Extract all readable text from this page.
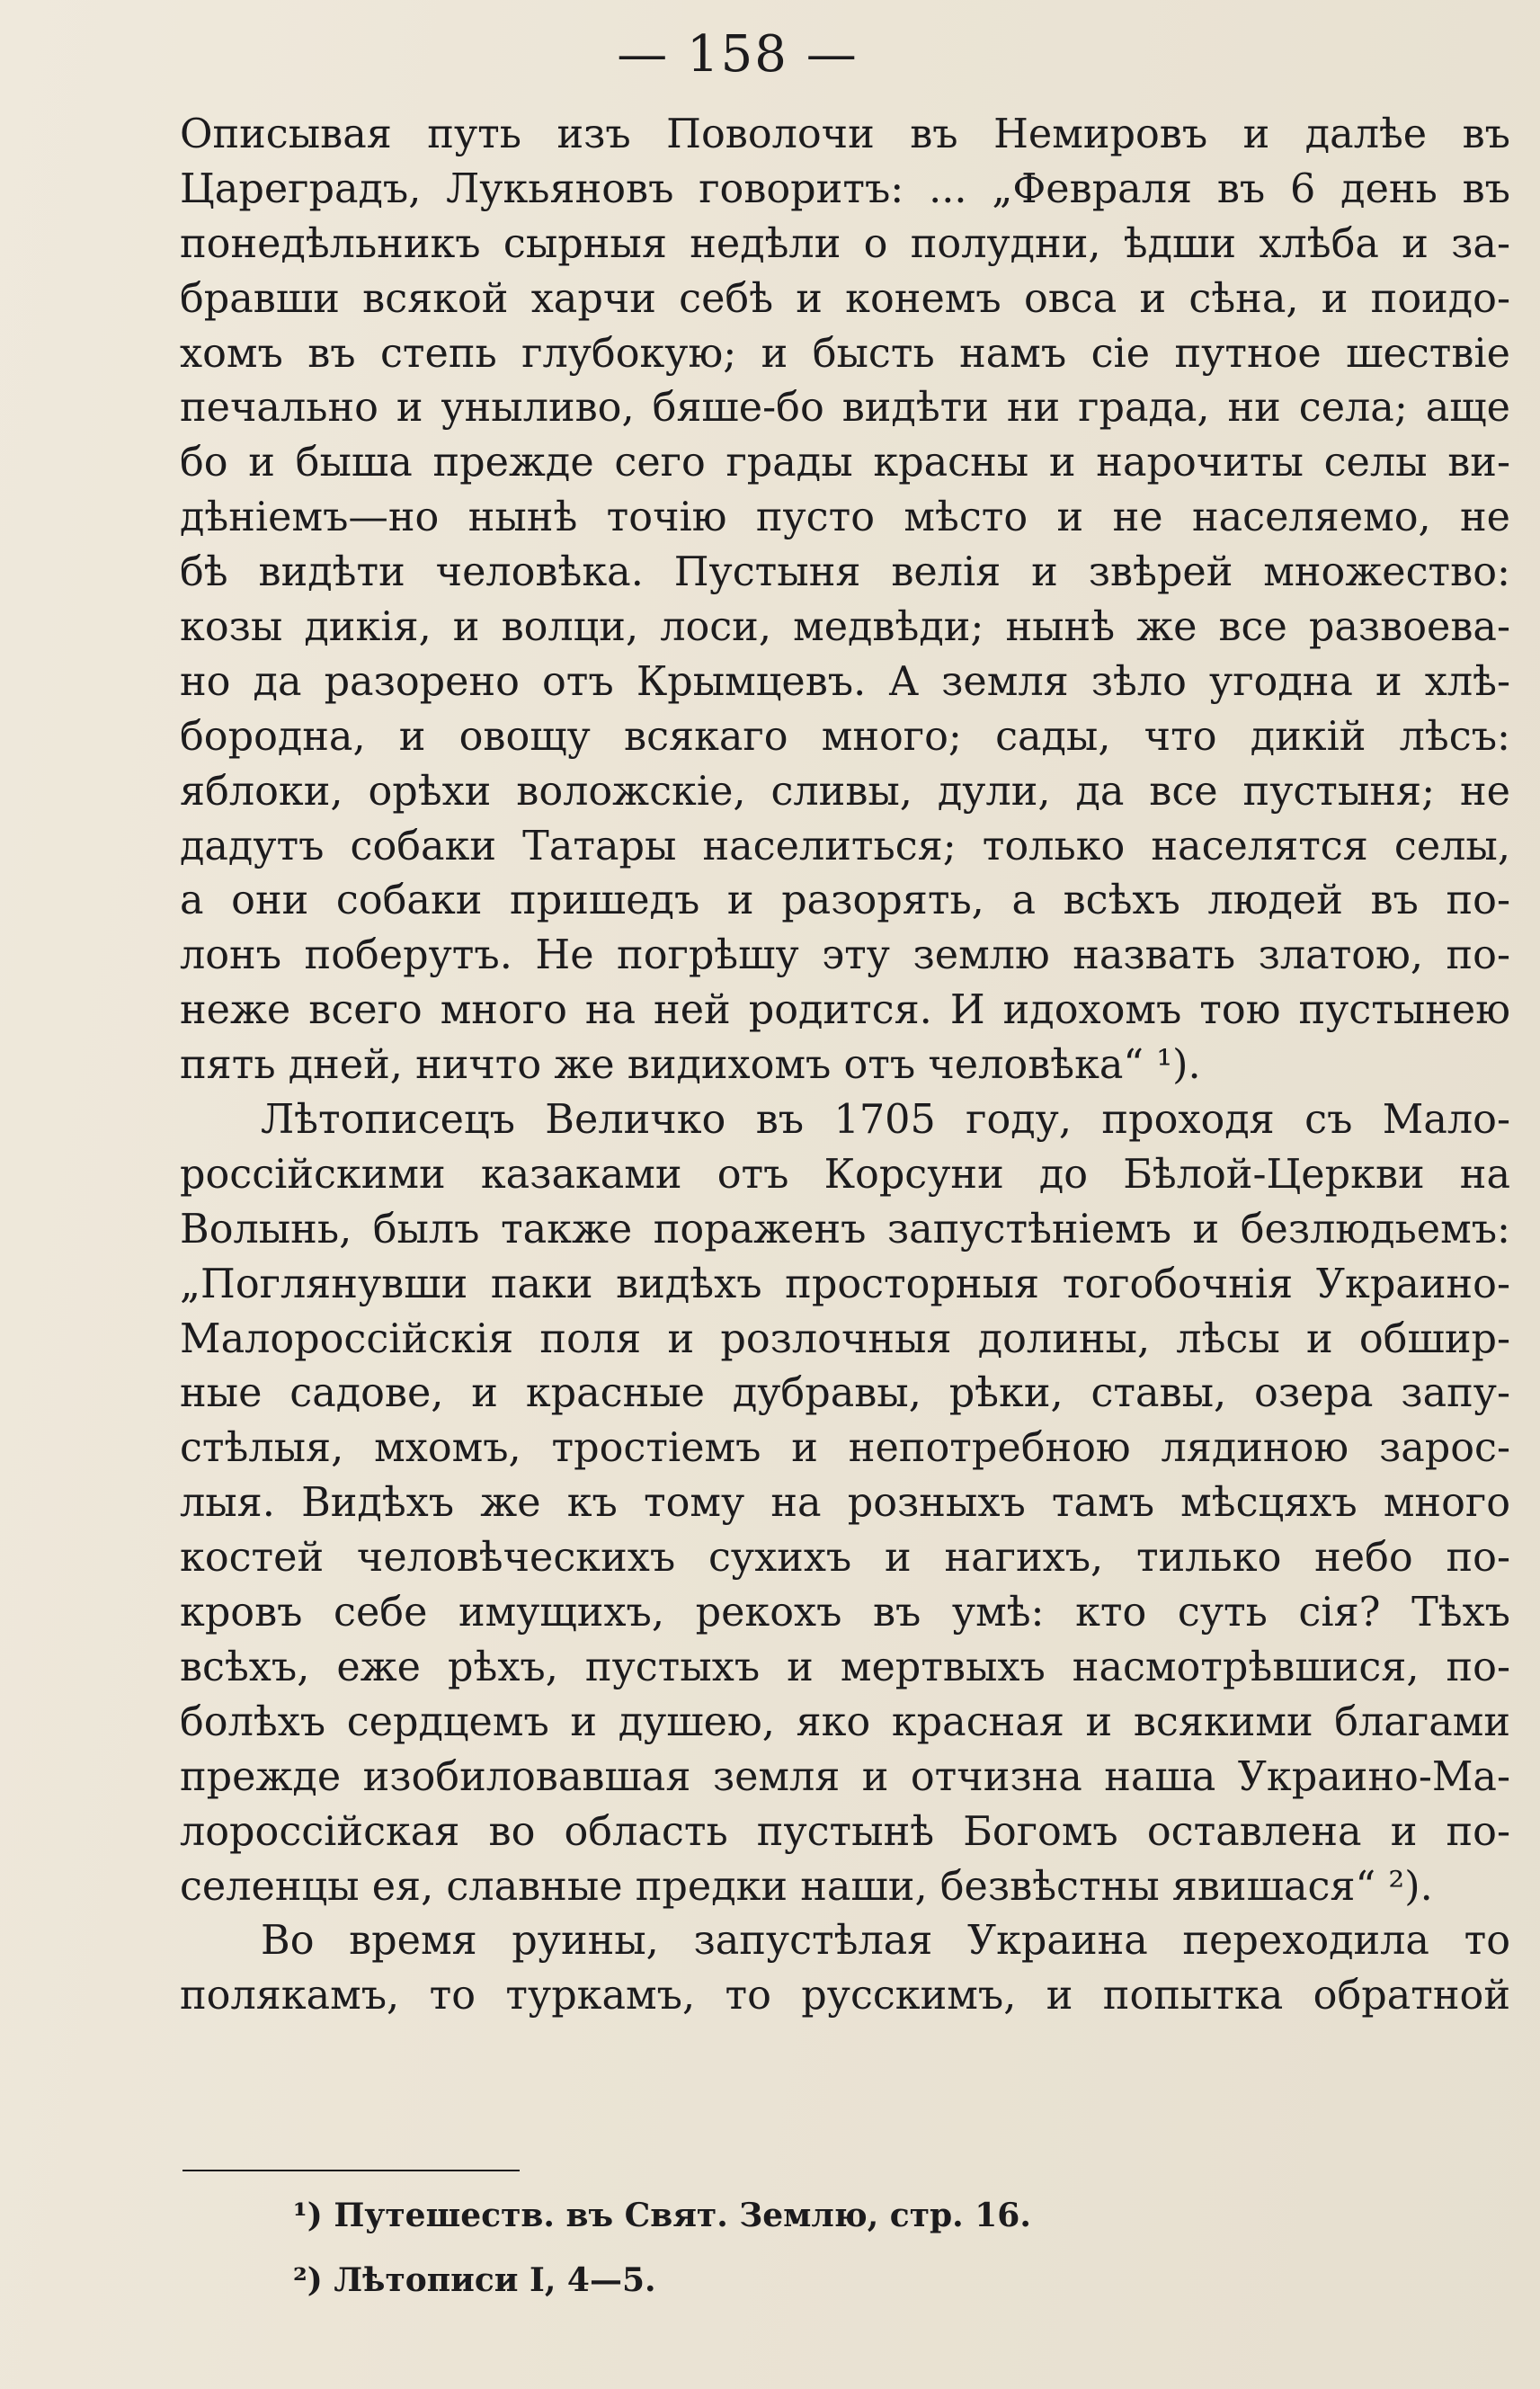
— 158 —
Описывая путь изъ Поволочи въ Немировъ и далѣе въ
Цареградъ, Лукьяновъ говоритъ: ... „Февраля въ 6 день въ
понедѣльникъ сырныя недѣли о полудни, ѣдши хлѣба и за-
бравши всякой харчи себѣ и конемъ овса и сѣна, и поидо-
хомъ въ степь глубокую; и бысть намъ сіе путное шествіе
печально и уныливо, бяше-бо видѣти ни града, ни села; аще
бо и быша прежде сего грады красны и нарочиты селы ви-
дѣніемъ—но нынѣ точію пусто мѣсто и не населяемо, не
бѣ видѣти человѣка. Пустыня велія и звѣрей множество:
козы дикія, и волци, лоси, медвѣди; нынѣ же все развоева-
но да разорено отъ Крымцевъ. А земля зѣло угодна и хлѣ-
бородна, и овощу всякаго много; сады, что дикій лѣсъ:
яблоки, орѣхи воложскіе, сливы, дули, да все пустыня; не
дадутъ собаки Татары населиться; только населятся селы,
а они собаки пришедъ и разорять, а всѣхъ людей въ по-
лонъ поберутъ. Не погрѣшу эту землю назвать златою, по-
неже всего много на ней родится. И идохомъ тою пустынею
пять дней, ничто же видихомъ отъ человѣка“ ¹).
Лѣтописецъ Величко въ 1705 году, проходя съ Мало-
россійскими казаками отъ Корсуни до Бѣлой-Церкви на
Волынь, былъ также пораженъ запустѣніемъ и безлюдьемъ:
„Поглянувши паки видѣхъ просторныя тогобочнія Украино-
Малороссійскія поля и розлочныя долины, лѣсы и обшир-
ные садове, и красные дубравы, рѣки, ставы, озера запу-
стѣлыя, мхомъ, тростіемъ и непотребною лядиною зарос-
лыя. Видѣхъ же къ тому на розныхъ тамъ мѣсцяхъ много
костей человѣческихъ сухихъ и нагихъ, тилько небо по-
кровъ себе имущихъ, рекохъ въ умѣ: кто суть сія? Тѣхъ
всѣхъ, еже рѣхъ, пустыхъ и мертвыхъ насмотрѣвшися, по-
болѣхъ сердцемъ и душею, яко красная и всякими благами
прежде изобиловавшая земля и отчизна наша Украино-Ма-
лороссійская во область пустынѣ Богомъ оставлена и по-
селенцы ея, славные предки наши, безвѣстны явишася“ ²).
Во время руины, запустѣлая Украина переходила то
полякамъ, то туркамъ, то русскимъ, и попытка обратной
¹) Путешеств. въ Свят. Землю, стр. 16.
²) Лѣтописи I, 4—5.
